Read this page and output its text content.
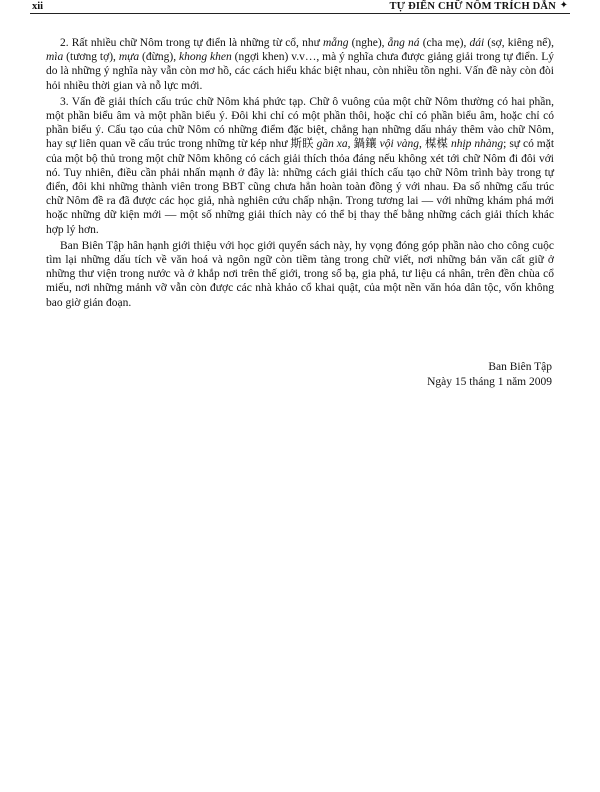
xii	TỰ ĐIỂN CHỮ NÔM TRÍCH DẪN ✦

2. Rất nhiều chữ Nôm trong tự điển là những từ cổ, như mẵng (nghe), ẵng ná (cha mẹ), dái (sợ, kiêng nể), mìa (tương tợ), mựa (đừng), khong khen (ngợi khen) v.v…, mà ý nghĩa chưa được giảng giải trong tự điển. Lý do là những ý nghĩa này vẫn còn mơ hồ, các cách hiểu khác biệt nhau, còn nhiều tồn nghi. Vấn đề này còn đòi hỏi nhiều thời gian và nỗ lực mới.

3. Vấn đề giải thích cấu trúc chữ Nôm khá phức tạp. Chữ ô vuông của một chữ Nôm thường có hai phần, một phần biểu âm và một phần biểu ý. Đôi khi chỉ có một phần thôi, hoặc chỉ có phần biểu âm, hoặc chỉ có phần biểu ý. Cấu tạo của chữ Nôm có những điểm đặc biệt, chẳng hạn những dấu nháy thêm vào chữ Nôm, hay sự liên quan về cấu trúc trong những từ kép như 斯眹 gần xa, 鍋鑲 vội vàng, 楳楳 nhịp nhàng; sự có mặt của một bộ thủ trong một chữ Nôm không có cách giải thích thỏa đáng nếu không xét tới chữ Nôm đi đôi với nó. Tuy nhiên, điều cần phải nhấn mạnh ở đây là: những cách giải thích cấu tạo chữ Nôm trình bày trong tự điển, đôi khi những thành viên trong BBT cũng chưa hẳn hoàn toàn đồng ý với nhau. Đa số những cấu trúc chữ Nôm đề ra đã được các học giả, nhà nghiên cứu chấp nhận. Trong tương lai — với những khám phá mới hoặc những dữ kiện mới — một số những giải thích này có thể bị thay thế bằng những cách giải thích khác hợp lý hơn.

Ban Biên Tập hân hạnh giới thiệu với học giới quyển sách này, hy vọng đóng góp phần nào cho công cuộc tìm lại những dấu tích về văn hoá và ngôn ngữ còn tiềm tàng trong chữ viết, nơi những bản văn cất giữ ở những thư viện trong nước và ở khắp nơi trên thế giới, trong sổ bạ, gia phả, tư liệu cá nhân, trên đền chùa cổ miếu, nơi những mảnh vỡ vẫn còn được các nhà khảo cổ khai quật, của một nền văn hóa dân tộc, vốn không bao giờ gián đoạn.

Ban Biên Tập
Ngày 15 tháng 1 năm 2009
